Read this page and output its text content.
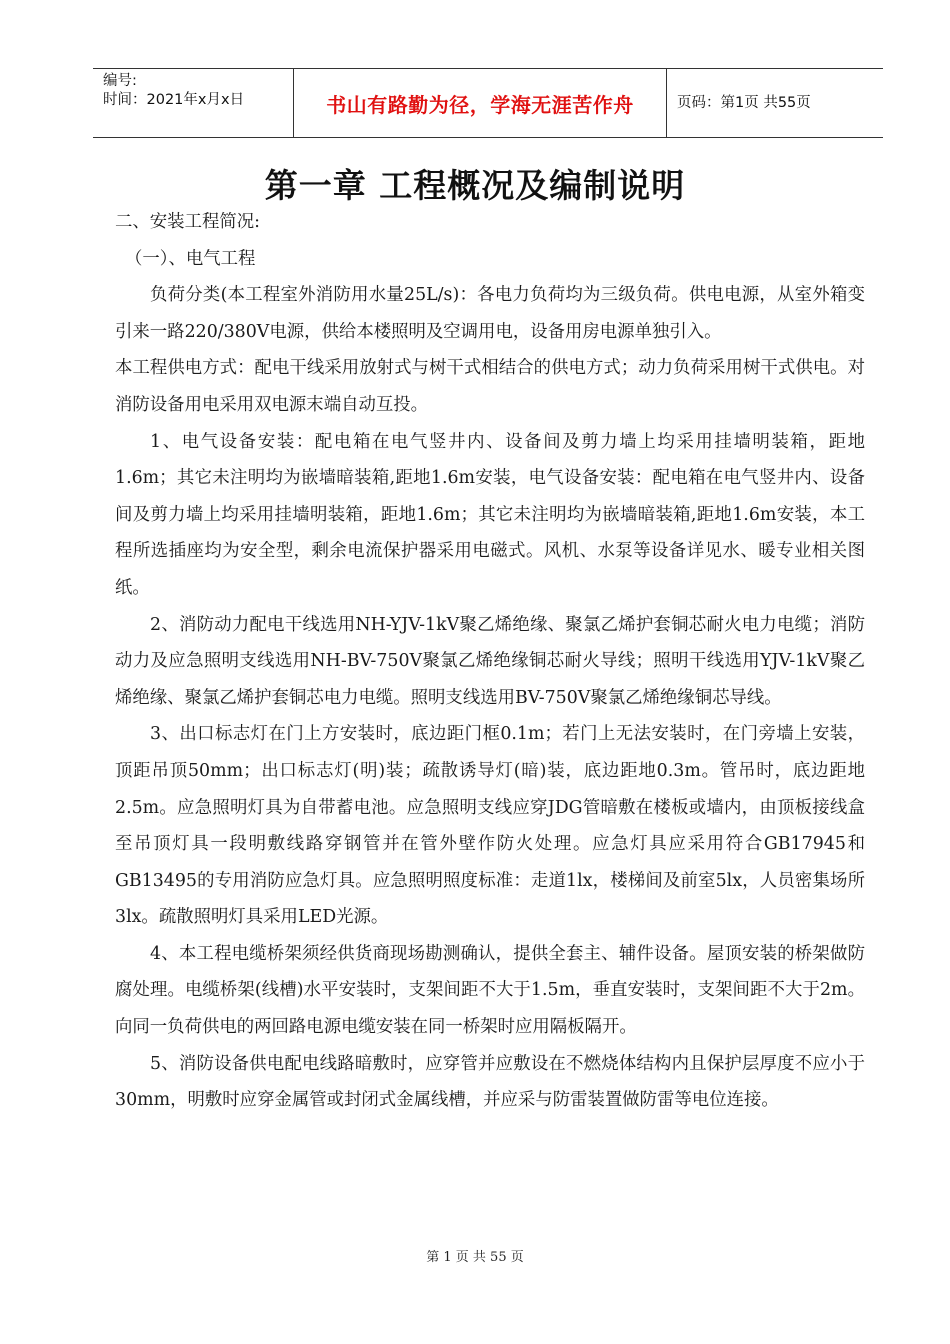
编号:
时间：2021年x月x日	书山有路勤为径，学海无涯苦作舟	页码：第1页 共55页
第一章 工程概况及编制说明

二、安装工程简况:

（一）、电气工程

负荷分类(本工程室外消防用水量25L/s)：各电力负荷均为三级负荷。供电电源，从室外箱变引来一路220/380V电源，供给本楼照明及空调用电，设备用房电源单独引入。

本工程供电方式：配电干线采用放射式与树干式相结合的供电方式；动力负荷采用树干式供电。对消防设备用电采用双电源末端自动互投。

1、电气设备安装：配电箱在电气竖井内、设备间及剪力墙上均采用挂墙明装箱，距地1.6m；其它未注明均为嵌墙暗装箱,距地1.6m安装，电气设备安装：配电箱在电气竖井内、设备间及剪力墙上均采用挂墙明装箱，距地1.6m；其它未注明均为嵌墙暗装箱,距地1.6m安装，本工程所选插座均为安全型，剩余电流保护器采用电磁式。风机、水泵等设备详见水、暖专业相关图纸。

2、消防动力配电干线选用NH-YJV-1kV聚乙烯绝缘、聚氯乙烯护套铜芯耐火电力电缆；消防动力及应急照明支线选用NH-BV-750V聚氯乙烯绝缘铜芯耐火导线；照明干线选用YJV-1kV聚乙烯绝缘、聚氯乙烯护套铜芯电力电缆。照明支线选用BV-750V聚氯乙烯绝缘铜芯导线。

3、出口标志灯在门上方安装时，底边距门框0.1m；若门上无法安装时，在门旁墙上安装，顶距吊顶50mm；出口标志灯(明)装；疏散诱导灯(暗)装，底边距地0.3m。管吊时，底边距地2.5m。应急照明灯具为自带蓄电池。应急照明支线应穿JDG管暗敷在楼板或墙内，由顶板接线盒至吊顶灯具一段明敷线路穿钢管并在管外壁作防火处理。应急灯具应采用符合GB17945和GB13495的专用消防应急灯具。应急照明照度标准：走道1lx，楼梯间及前室5lx，人员密集场所3lx。疏散照明灯具采用LED光源。

4、本工程电缆桥架须经供货商现场勘测确认，提供全套主、辅件设备。屋顶安装的桥架做防腐处理。电缆桥架(线槽)水平安装时，支架间距不大于1.5m，垂直安装时，支架间距不大于2m。向同一负荷供电的两回路电源电缆安装在同一桥架时应用隔板隔开。

5、消防设备供电配电线路暗敷时，应穿管并应敷设在不燃烧体结构内且保护层厚度不应小于30mm，明敷时应穿金属管或封闭式金属线槽，并应采与防雷装置做防雷等电位连接。

第 1 页 共 55 页
